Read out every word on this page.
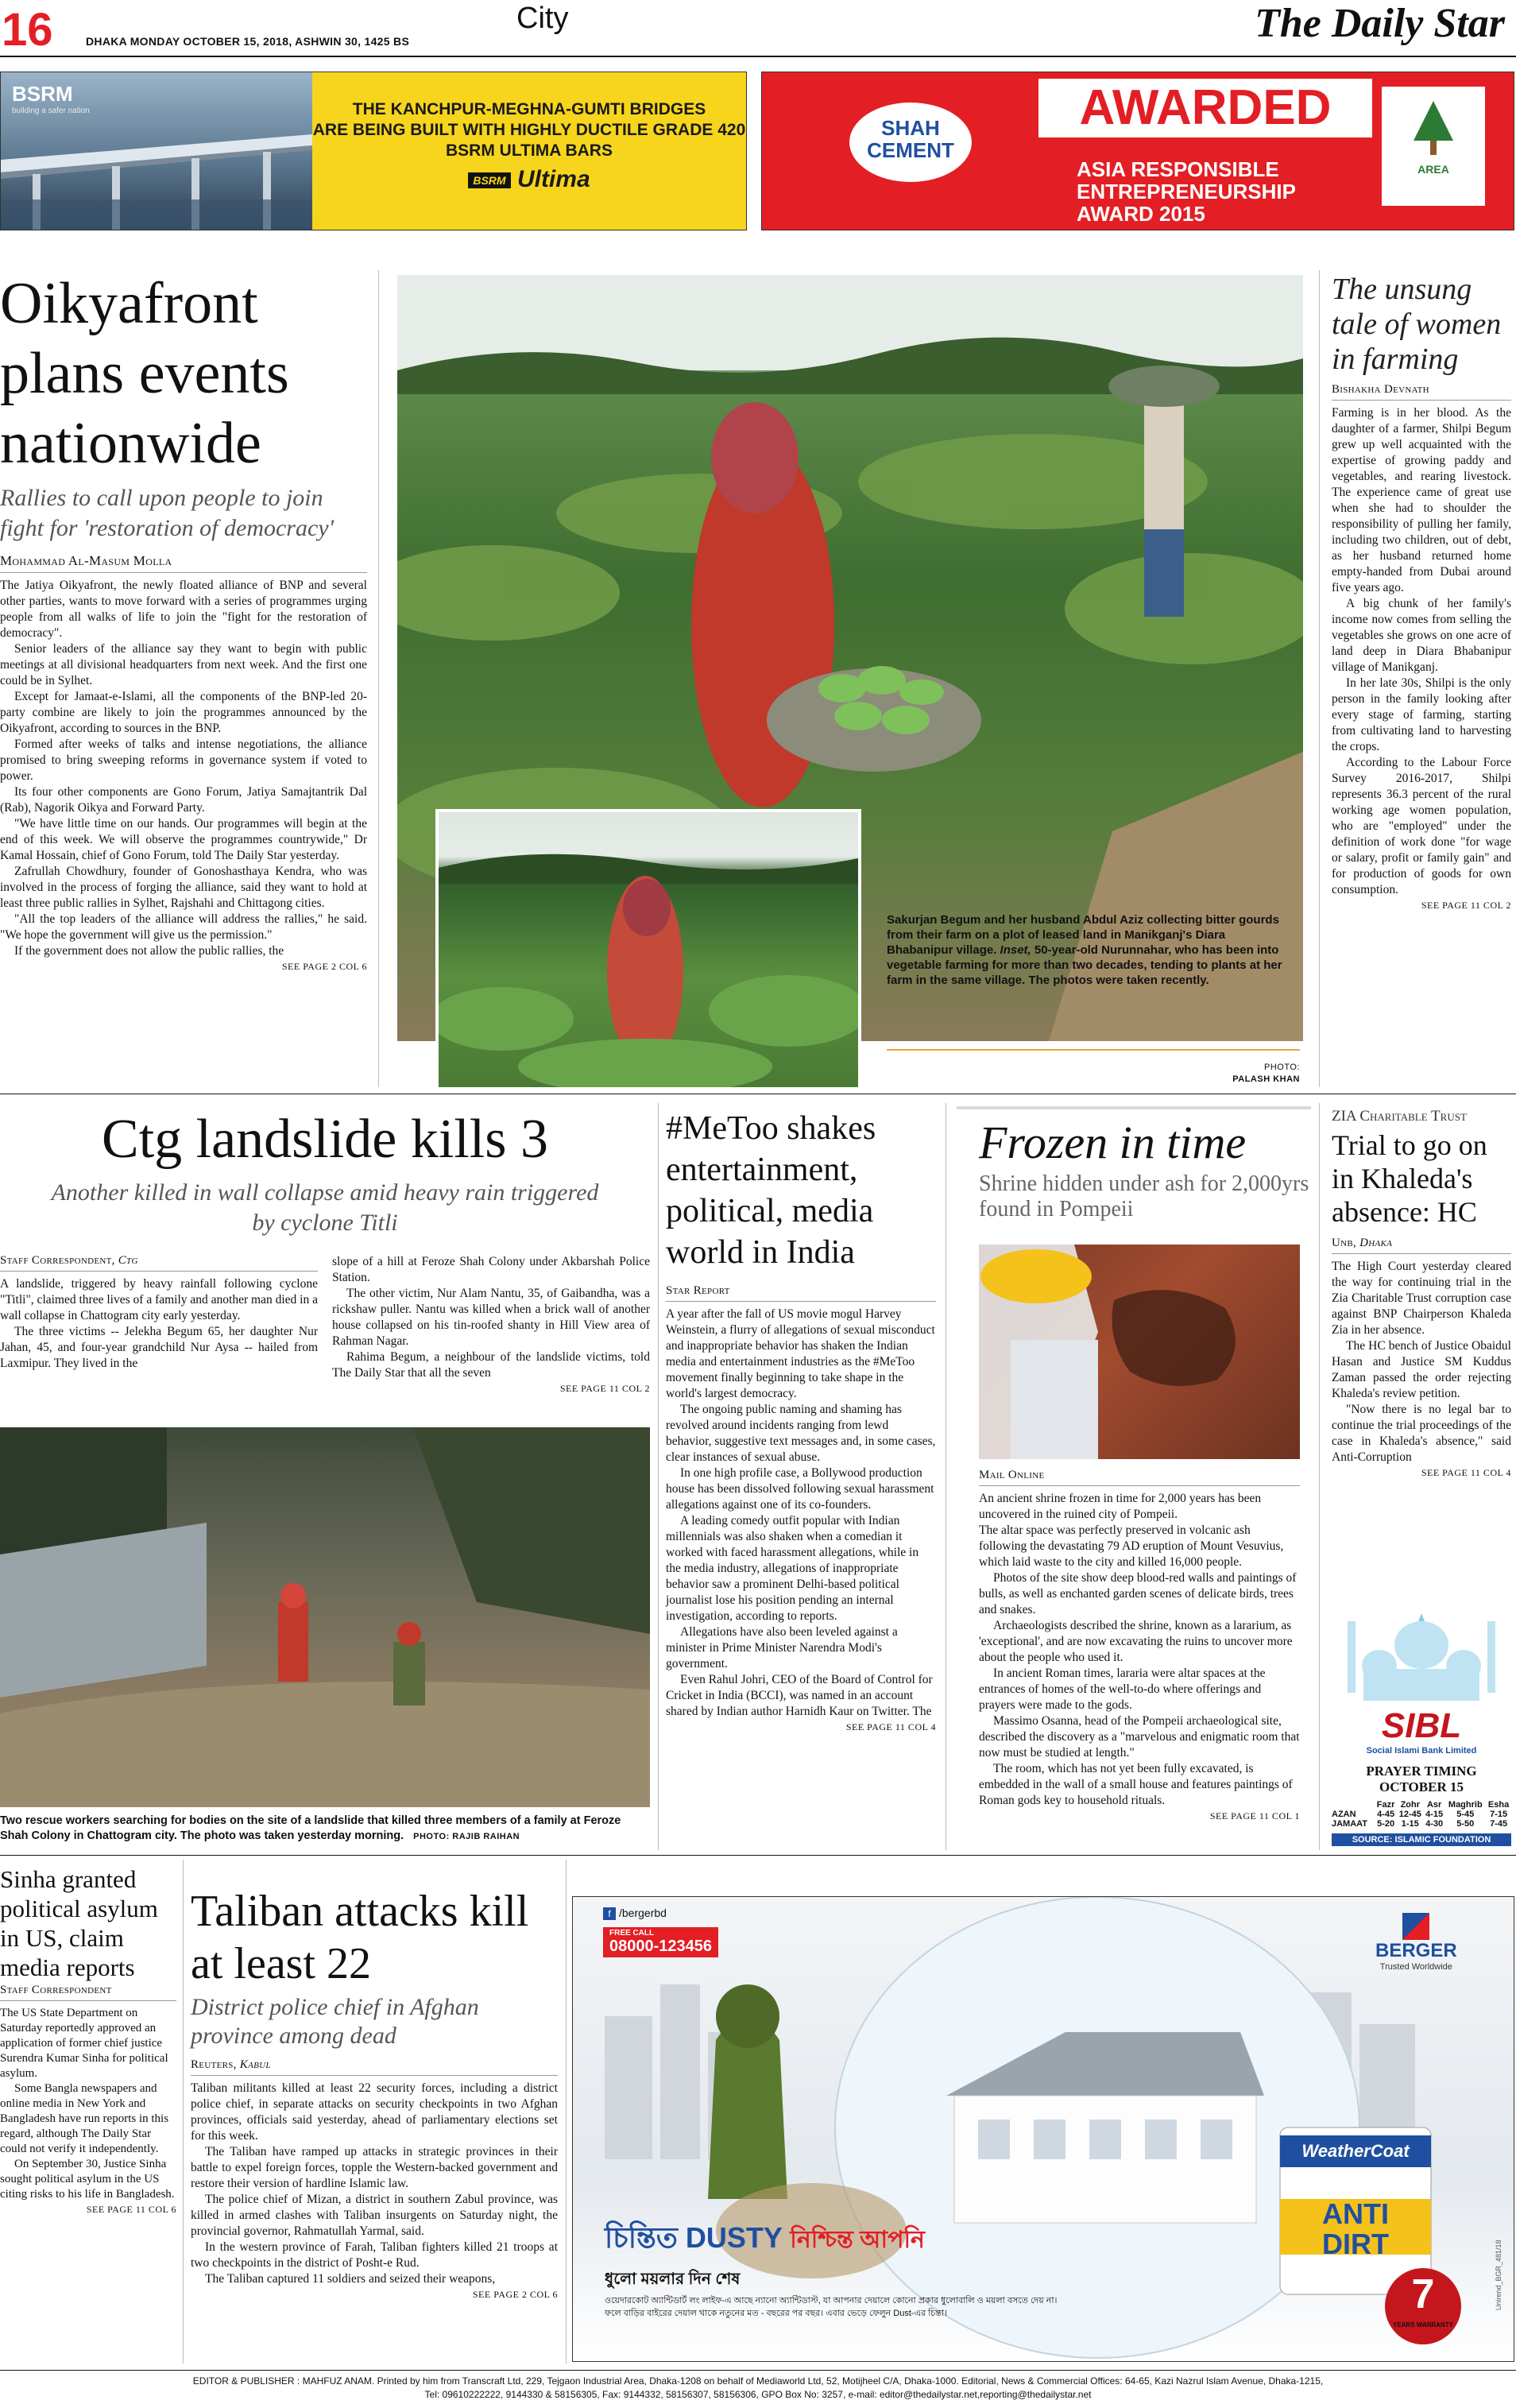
16	DHAKA MONDAY OCTOBER 15, 2018, ASHWIN 30, 1425 BS
City	The Daily Star
BSRM
building a safer nation	THE KANCHPUR-MEGHNA-GUMTI BRIDGES
ARE BEING BUILT WITH HIGHLY DUCTILE GRADE 420
BSRM ULTIMA BARS
BSRM Ultima
SHAH
CEMENT
AWARDED
ASIA RESPONSIBLE
ENTREPRENEURSHIP
AWARD 2015
AREA
Oikyafront plans events nationwide
Rallies to call upon people to join fight for 'restoration of democracy'
Mohammad Al-Masum Molla

The Jatiya Oikyafront, the newly floated alliance of BNP and several other parties, wants to move forward with a series of programmes urging people from all walks of life to join the "fight for the restoration of democracy".

Senior leaders of the alliance say they want to begin with public meetings at all divisional headquarters from next week. And the first one could be in Sylhet.

Except for Jamaat-e-Islami, all the components of the BNP-led 20-party combine are likely to join the programmes announced by the Oikyafront, according to sources in the BNP.

Formed after weeks of talks and intense negotiations, the alliance promised to bring sweeping reforms in governance system if voted to power.

Its four other components are Gono Forum, Jatiya Samajtantrik Dal (Rab), Nagorik Oikya and Forward Party.

"We have little time on our hands. Our programmes will begin at the end of this week. We will observe the programmes countrywide," Dr Kamal Hossain, chief of Gono Forum, told The Daily Star yesterday.

Zafrullah Chowdhury, founder of Gonoshasthaya Kendra, who was involved in the process of forging the alliance, said they want to hold at least three public rallies in Sylhet, Rajshahi and Chittagong cities.

"All the top leaders of the alliance will address the rallies," he said. "We hope the government will give us the permission."

If the government does not allow the public rallies, the

SEE PAGE 2 COL 6
Sakurjan Begum and her husband Abdul Aziz collecting bitter gourds from their farm on a plot of leased land in Manikganj's Diara Bhabanipur village. Inset, 50-year-old Nurunnahar, who has been into vegetable farming for more than two decades, tending to plants at her farm in the same village. The photos were taken recently.
PHOTO:
PALASH KHAN
The unsung tale of women in farming
Bishakha Devnath

Farming is in her blood. As the daughter of a farmer, Shilpi Begum grew up well acquainted with the expertise of growing paddy and vegetables, and rearing livestock. The experience came of great use when she had to shoulder the responsibility of pulling her family, including two children, out of debt, as her husband returned home empty-handed from Dubai around five years ago.

A big chunk of her family's income now comes from selling the vegetables she grows on one acre of land deep in Diara Bhabanipur village of Manikganj.

In her late 30s, Shilpi is the only person in the family looking after every stage of farming, starting from cultivating land to harvesting the crops.

According to the Labour Force Survey 2016-2017, Shilpi represents 36.3 percent of the rural working age women population, who are "employed" under the definition of work done "for wage or salary, profit or family gain" and for production of goods for own consumption.

SEE PAGE 11 COL 2
Ctg landslide kills 3
Another killed in wall collapse amid heavy rain triggered by cyclone Titli
Staff Correspondent, Ctg

A landslide, triggered by heavy rainfall following cyclone "Titli", claimed three lives of a family and another man died in a wall collapse in Chattogram city early yesterday.

The three victims -- Jelekha Begum 65, her daughter Nur Jahan, 45, and four-year grandchild Nur Aysa -- hailed from Laxmipur. They lived in the

slope of a hill at Feroze Shah Colony under Akbarshah Police Station.

The other victim, Nur Alam Nantu, 35, of Gaibandha, was a rickshaw puller. Nantu was killed when a brick wall of another house collapsed on his tin-roofed shanty in Hill View area of Rahman Nagar.

Rahima Begum, a neighbour of the landslide victims, told The Daily Star that all the seven

SEE PAGE 11 COL 2
Two rescue workers searching for bodies on the site of a landslide that killed three members of a family at Feroze Shah Colony in Chattogram city. The photo was taken yesterday morning. PHOTO: RAJIB RAIHAN
#MeToo shakes entertainment, political, media world in India
Star Report

A year after the fall of US movie mogul Harvey Weinstein, a flurry of allegations of sexual misconduct and inappropriate behavior has shaken the Indian media and entertainment industries as the #MeToo movement finally beginning to take shape in the world's largest democracy.

The ongoing public naming and shaming has revolved around incidents ranging from lewd behavior, suggestive text messages and, in some cases, clear instances of sexual abuse.

In one high profile case, a Bollywood production house has been dissolved following sexual harassment allegations against one of its co-founders.

A leading comedy outfit popular with Indian millennials was also shaken when a comedian it worked with faced harassment allegations, while in the media industry, allegations of inappropriate behavior saw a prominent Delhi-based political journalist lose his position pending an internal investigation, according to reports.

Allegations have also been leveled against a minister in Prime Minister Narendra Modi's government.

Even Rahul Johri, CEO of the Board of Control for Cricket in India (BCCI), was named in an account shared by Indian author Harnidh Kaur on Twitter. The

SEE PAGE 11 COL 4
Frozen in time
Shrine hidden under ash for 2,000yrs found in Pompeii
Mail Online

An ancient shrine frozen in time for 2,000 years has been uncovered in the ruined city of Pompeii.

The altar space was perfectly preserved in volcanic ash following the devastating 79 AD eruption of Mount Vesuvius, which laid waste to the city and killed 16,000 people.

Photos of the site show deep blood-red walls and paintings of bulls, as well as enchanted garden scenes of delicate birds, trees and snakes.

Archaeologists described the shrine, known as a lararium, as 'exceptional', and are now excavating the ruins to uncover more about the people who used it.

In ancient Roman times, lararia were altar spaces at the entrances of homes of the well-to-do where offerings and prayers were made to the gods.

Massimo Osanna, head of the Pompeii archaeological site, described the discovery as a "marvelous and enigmatic room that now must be studied at length."

The room, which has not yet been fully excavated, is embedded in the wall of a small house and features paintings of Roman gods key to household rituals.

SEE PAGE 11 COL 1
ZIA Charitable Trust
Trial to go on in Khaleda's absence: HC
Unb, Dhaka

The High Court yesterday cleared the way for continuing trial in the Zia Charitable Trust corruption case against BNP Chairperson Khaleda Zia in her absence.

The HC bench of Justice Obaidul Hasan and Justice SM Kuddus Zaman passed the order rejecting Khaleda's review petition.

"Now there is no legal bar to continue the trial proceedings of the case in Khaleda's absence," said Anti-Corruption

SEE PAGE 11 COL 4
SIBL
Social Islami Bank Limited
PRAYER TIMING OCTOBER 15
	Fazr	Zohr	Asr	Maghrib	Esha
AZAN	4-45	12-45	4-15	5-45	7-15
JAMAAT	5-20	1-15	4-30	5-50	7-45
SOURCE: ISLAMIC FOUNDATION
Sinha granted political asylum in US, claim media reports
Staff Correspondent

The US State Department on Saturday reportedly approved an application of former chief justice Surendra Kumar Sinha for political asylum.

Some Bangla newspapers and online media in New York and Bangladesh have run reports in this regard, although The Daily Star could not verify it independently.

On September 30, Justice Sinha sought political asylum in the US citing risks to his life in Bangladesh.

SEE PAGE 11 COL 6
Taliban attacks kill at least 22
District police chief in Afghan province among dead
Reuters, Kabul

Taliban militants killed at least 22 security forces, including a district police chief, in separate attacks on security checkpoints in two Afghan provinces, officials said yesterday, ahead of parliamentary elections set for this week.

The Taliban have ramped up attacks in strategic provinces in their battle to expel foreign forces, topple the Western-backed government and restore their version of hardline Islamic law.

The police chief of Mizan, a district in southern Zabul province, was killed in armed clashes with Taliban insurgents on Saturday night, the provincial governor, Rahmatullah Yarmal, said.

In the western province of Farah, Taliban fighters killed 21 troops at two checkpoints in the district of Posht-e Rud.

The Taliban captured 11 soldiers and seized their weapons,

SEE PAGE 2 COL 6
f /bergerbd
FREE CALL
08000-123456	BERGER
Trusted Worldwide
WeatherCoat
ANTI
DIRT
7
YEARS WARRANTY
চিন্তিত DUSTY নিশ্চিন্ত আপনি
ধুলো ময়লার দিন শেষ
ওয়েদারকোট অ্যান্টিডার্ট লং লাইফ-এ আছে ন্যানো অ্যান্টিডাস্ট, যা আপনার দেয়ালে কোনো প্রকার ধুলোবালি ও ময়লা বসতে দেয় না।
ফলে বাড়ির বাইরের দেয়াল থাকে নতুনের মত - বছরের পর বছর। এবার ভেড়ে ফেলুন Dust-এর চিন্তা।
Unirend_BGR_481/18
EDITOR & PUBLISHER : MAHFUZ ANAM. Printed by him from Transcraft Ltd, 229, Tejgaon Industrial Area, Dhaka-1208 on behalf of Mediaworld Ltd, 52, Motijheel C/A, Dhaka-1000. Editorial, News & Commercial Offices: 64-65, Kazi Nazrul Islam Avenue, Dhaka-1215,
Tel: 09610222222, 9144330 & 58156305, Fax: 9144332, 58156307, 58156306, GPO Box No: 3257, e-mail: editor@thedailystar.net,reporting@thedailystar.net
